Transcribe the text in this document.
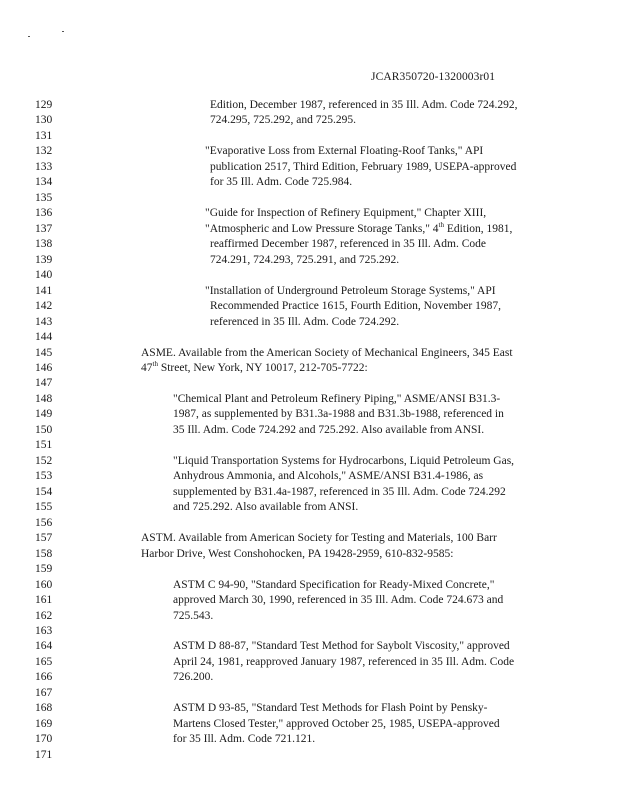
JCAR350720-1320003r01
129	Edition, December 1987, referenced in 35 Ill. Adm. Code 724.292,
130	724.295, 725.292, and 725.295.
131
132	"Evaporative Loss from External Floating-Roof Tanks," API
133	publication 2517, Third Edition, February 1989, USEPA-approved
134	for 35 Ill. Adm. Code 725.984.
135
136	"Guide for Inspection of Refinery Equipment," Chapter XIII,
137	"Atmospheric and Low Pressure Storage Tanks," 4th Edition, 1981,
138	reaffirmed December 1987, referenced in 35 Ill. Adm. Code
139	724.291, 724.293, 725.291, and 725.292.
140
141	"Installation of Underground Petroleum Storage Systems," API
142	Recommended Practice 1615, Fourth Edition, November 1987,
143	referenced in 35 Ill. Adm. Code 724.292.
144
145	ASME. Available from the American Society of Mechanical Engineers, 345 East
146	47th Street, New York, NY 10017, 212-705-7722:
147
148	"Chemical Plant and Petroleum Refinery Piping," ASME/ANSI B31.3-
149	1987, as supplemented by B31.3a-1988 and B31.3b-1988, referenced in
150	35 Ill. Adm. Code 724.292 and 725.292. Also available from ANSI.
151
152	"Liquid Transportation Systems for Hydrocarbons, Liquid Petroleum Gas,
153	Anhydrous Ammonia, and Alcohols," ASME/ANSI B31.4-1986, as
154	supplemented by B31.4a-1987, referenced in 35 Ill. Adm. Code 724.292
155	and 725.292. Also available from ANSI.
156
157	ASTM. Available from American Society for Testing and Materials, 100 Barr
158	Harbor Drive, West Conshohocken, PA 19428-2959, 610-832-9585:
159
160	ASTM C 94-90, "Standard Specification for Ready-Mixed Concrete,"
161	approved March 30, 1990, referenced in 35 Ill. Adm. Code 724.673 and
162	725.543.
163
164	ASTM D 88-87, "Standard Test Method for Saybolt Viscosity," approved
165	April 24, 1981, reapproved January 1987, referenced in 35 Ill. Adm. Code
166	726.200.
167
168	ASTM D 93-85, "Standard Test Methods for Flash Point by Pensky-
169	Martens Closed Tester," approved October 25, 1985, USEPA-approved
170	for 35 Ill. Adm. Code 721.121.
171
